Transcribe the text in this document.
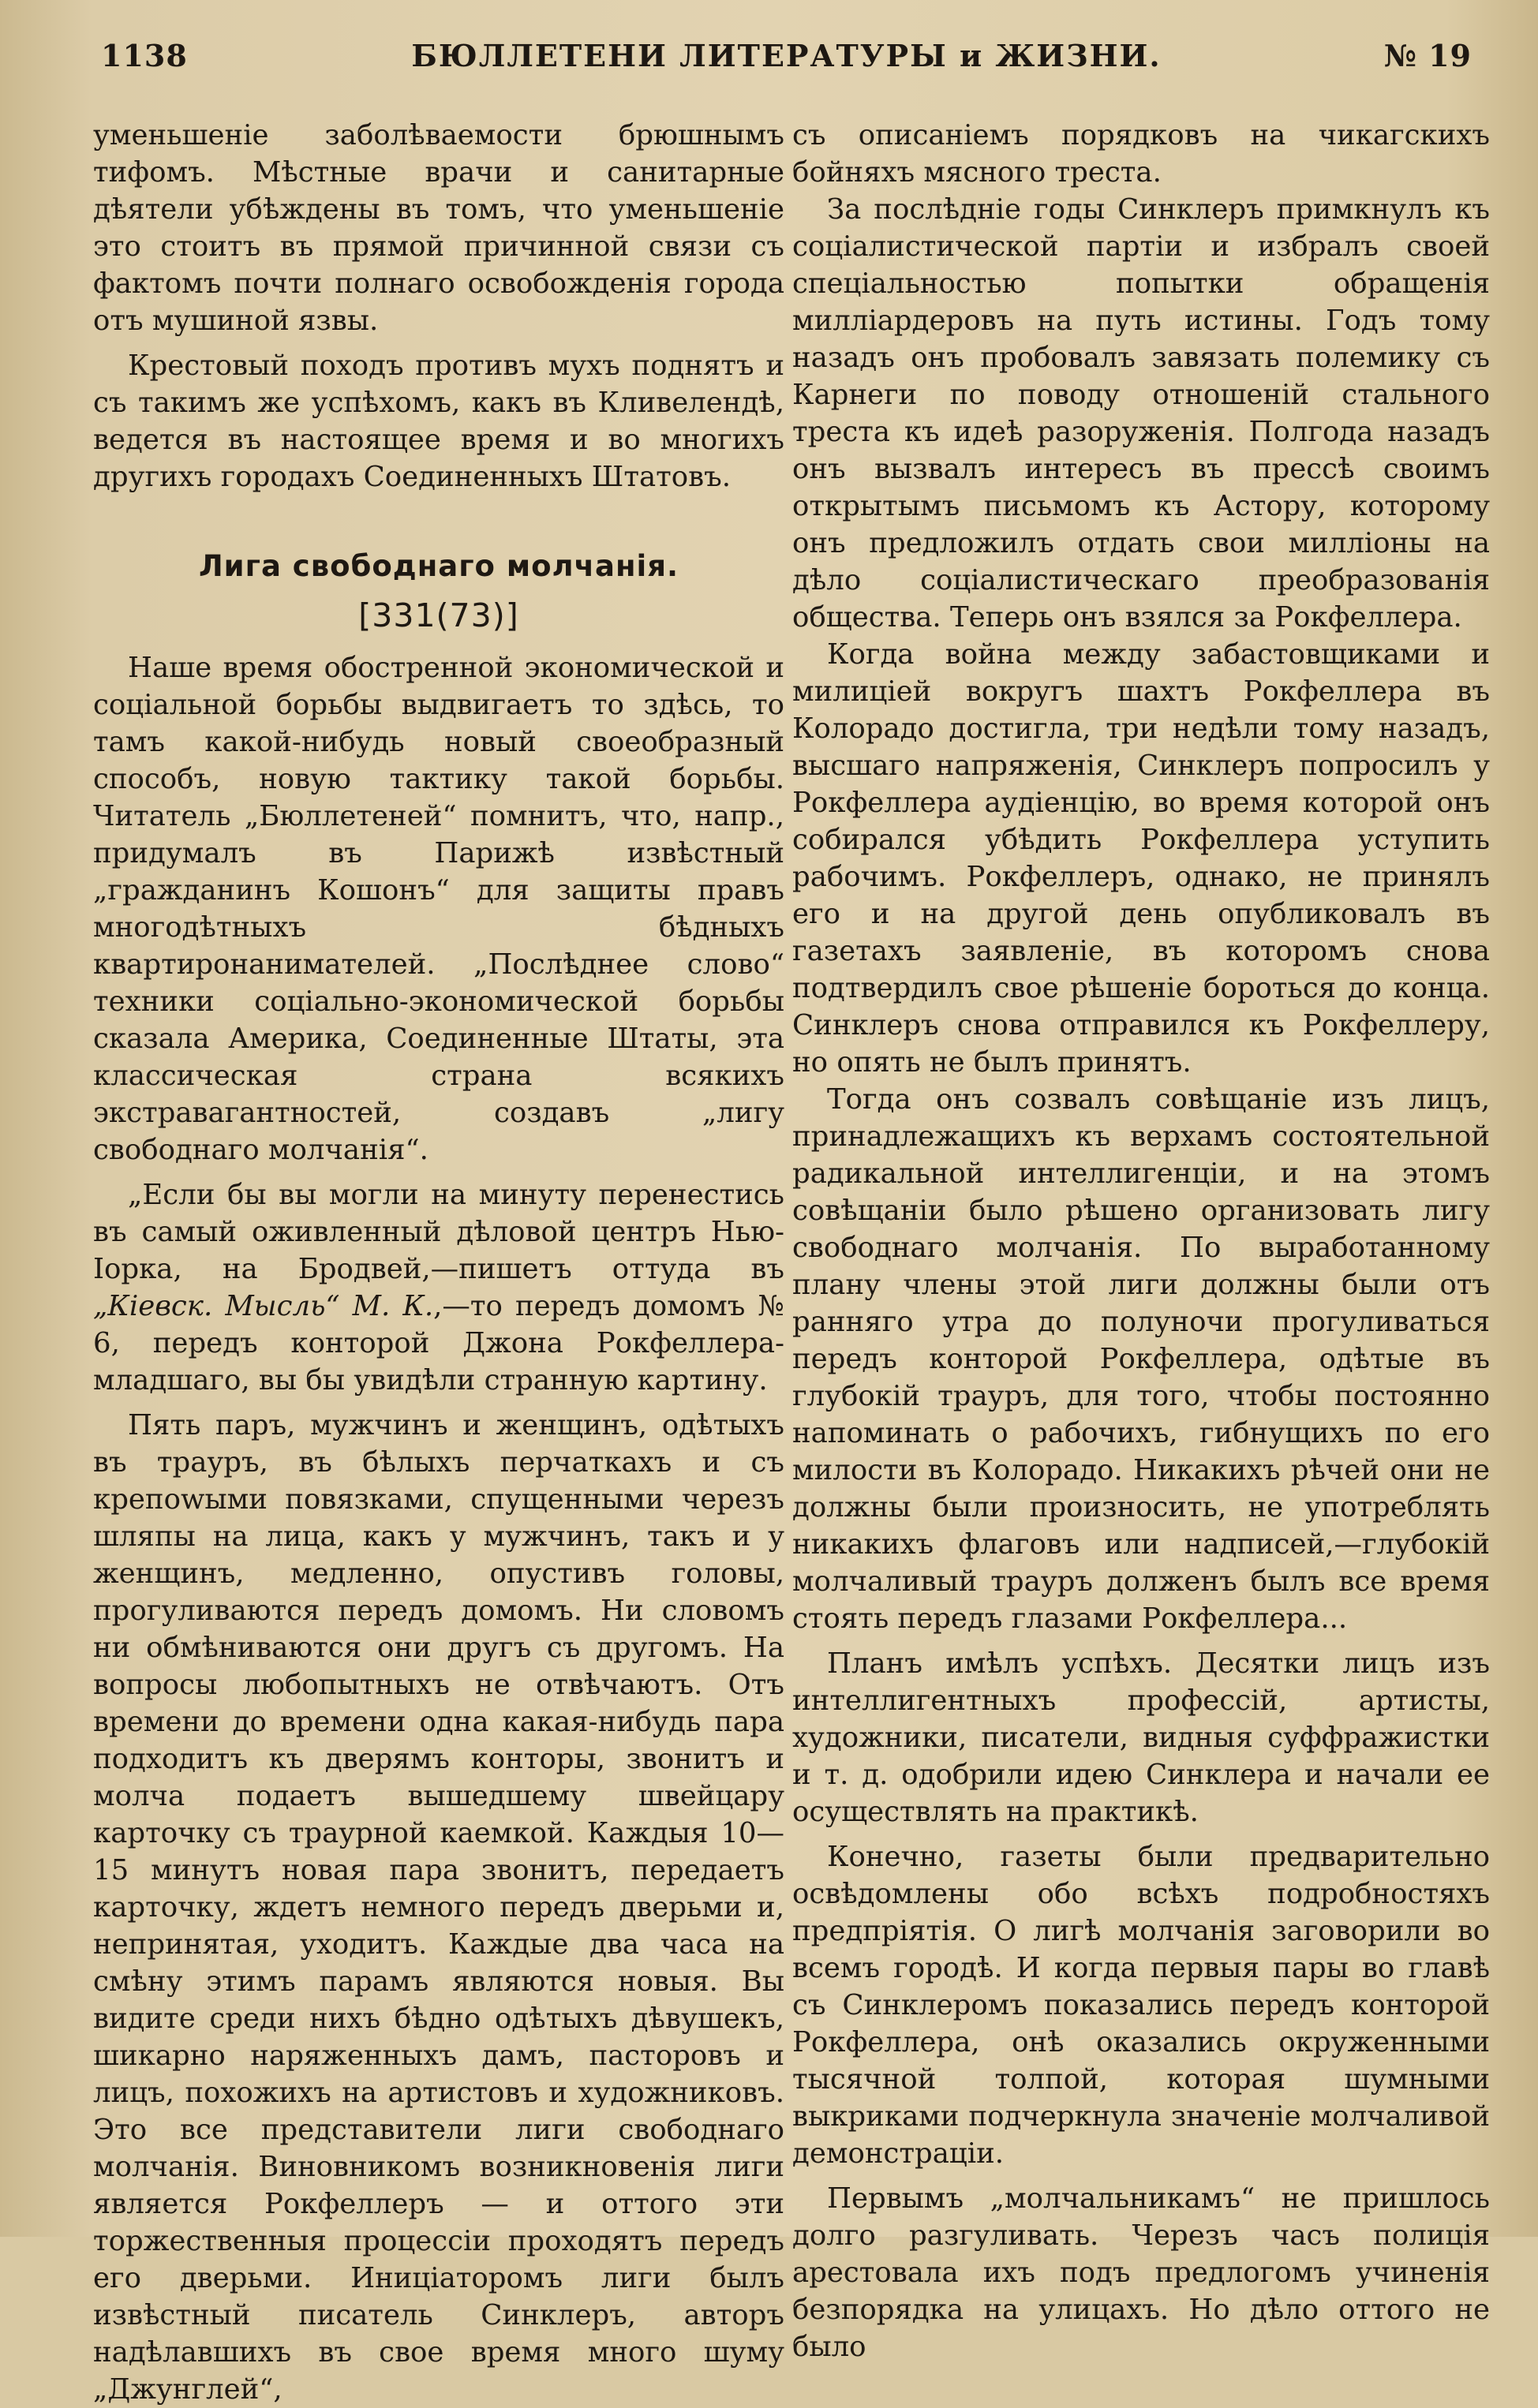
1138	БЮЛЛЕТЕНИ ЛИТЕРАТУРЫ и ЖИЗНИ.	№ 19

уменьшеніе заболѣваемости брюшнымъ тифомъ. Мѣстные врачи и санитарные дѣятели убѣждены въ томъ, что уменьшеніе это стоитъ въ прямой причинной связи съ фактомъ почти полнаго освобожденія города отъ мушиной язвы.

Крестовый походъ противъ мухъ поднятъ и съ такимъ же успѣхомъ, какъ въ Кливелендѣ, ведется въ настоящее время и во многихъ другихъ городахъ Соединенныхъ Штатовъ.

Лига свободнаго молчанія.
[331(73)]

Наше время обостренной экономической и соціальной борьбы выдвигаетъ то здѣсь, то тамъ какой-нибудь новый своеобразный способъ, новую тактику такой борьбы. Читатель „Бюллетеней“ помнитъ, что, напр., придумалъ въ Парижѣ извѣстный „гражданинъ Кошонъ“ для защиты правъ многодѣтныхъ бѣдныхъ квартиронанимателей. „Послѣднее слово“ техники соціально-экономической борьбы сказала Америка, Соединенные Штаты, эта классическая страна всякихъ экстравагантностей, создавъ „лигу свободнаго молчанія“.

„Если бы вы могли на минуту перенестись въ самый оживленный дѣловой центръ Нью-Іорка, на Бродвей,—пишетъ оттуда въ „Кіевск. Мысль“ М. К.,—то передъ домомъ № 6, передъ конторой Джона Рокфеллера-младшаго, вы бы увидѣли странную картину.

Пять паръ, мужчинъ и женщинъ, одѣтыхъ въ трауръ, въ бѣлыхъ перчаткахъ и съ крепowыми повязками, спущенными черезъ шляпы на лица, какъ у мужчинъ, такъ и у женщинъ, медленно, опустивъ головы, прогуливаются передъ домомъ. Ни словомъ ни обмѣниваются они другъ съ другомъ. На вопросы любопытныхъ не отвѣчаютъ. Отъ времени до времени одна какая-нибудь пара подходитъ къ дверямъ конторы, звонитъ и молча подаетъ вышедшему швейцару карточку съ траурной каемкой. Каждыя 10—15 минутъ новая пара звонитъ, передаетъ карточку, ждетъ немного передъ дверьми и, непринятая, уходитъ. Каждые два часа на смѣну этимъ парамъ являются новыя. Вы видите среди нихъ бѣдно одѣтыхъ дѣвушекъ, шикарно наряженныхъ дамъ, пасторовъ и лицъ, похожихъ на артистовъ и художниковъ. Это все представители лиги свободнаго молчанія. Виновникомъ возникновенія лиги является Рокфеллеръ — и оттого эти торжественныя процессіи проходятъ передъ его дверьми. Иниціаторомъ лиги былъ извѣстный писатель Синклеръ, авторъ надѣлавшихъ въ свое время много шуму „Джунглей“,

съ описаніемъ порядковъ на чикагскихъ бойняхъ мясного треста.

За послѣдніе годы Синклеръ примкнулъ къ соціалистической партіи и избралъ своей спеціальностью попытки обращенія милліардеровъ на путь истины. Годъ тому назадъ онъ пробовалъ завязать полемику съ Карнеги по поводу отношеній стального треста къ идеѣ разоруженія. Полгода назадъ онъ вызвалъ интересъ въ прессѣ своимъ открытымъ письмомъ къ Астору, которому онъ предложилъ отдать свои милліоны на дѣло соціалистическаго преобразованія общества. Теперь онъ взялся за Рокфеллера.

Когда война между забастовщиками и милиціей вокругъ шахтъ Рокфеллера въ Колорадо достигла, три недѣли тому назадъ, высшаго напряженія, Синклеръ попросилъ у Рокфеллера аудіенцію, во время которой онъ собирался убѣдить Рокфеллера уступить рабочимъ. Рокфеллеръ, однако, не принялъ его и на другой день опубликовалъ въ газетахъ заявленіе, въ которомъ снова подтвердилъ свое рѣшеніе бороться до конца. Синклеръ снова отправился къ Рокфеллеру, но опять не былъ принятъ.

Тогда онъ созвалъ совѣщаніе изъ лицъ, принадлежащихъ къ верхамъ состоятельной радикальной интеллигенціи, и на этомъ совѣщаніи было рѣшено организовать лигу свободнаго молчанія. По выработанному плану члены этой лиги должны были отъ ранняго утра до полуночи прогуливаться передъ конторой Рокфеллера, одѣтые въ глубокій трауръ, для того, чтобы постоянно напоминать о рабочихъ, гибнущихъ по его милости въ Колорадо. Никакихъ рѣчей они не должны были произносить, не употреблять никакихъ флаговъ или надписей,—глубокій молчаливый трауръ долженъ былъ все время стоять передъ глазами Рокфеллера...

Планъ имѣлъ успѣхъ. Десятки лицъ изъ интеллигентныхъ профессій, артисты, художники, писатели, видныя суффражистки и т. д. одобрили идею Синклера и начали ее осуществлять на практикѣ.

Конечно, газеты были предварительно освѣдомлены обо всѣхъ подробностяхъ предпріятія. О лигѣ молчанія заговорили во всемъ городѣ. И когда первыя пары во главѣ съ Синклеромъ показались передъ конторой Рокфеллера, онѣ оказались окруженными тысячной толпой, которая шумными выкриками подчеркнула значеніе молчаливой демонстраціи.

Первымъ „молчальникамъ“ не пришлось долго разгуливать. Черезъ часъ полиція арестовала ихъ подъ предлогомъ учиненія безпорядка на улицахъ. Но дѣло оттого не было
